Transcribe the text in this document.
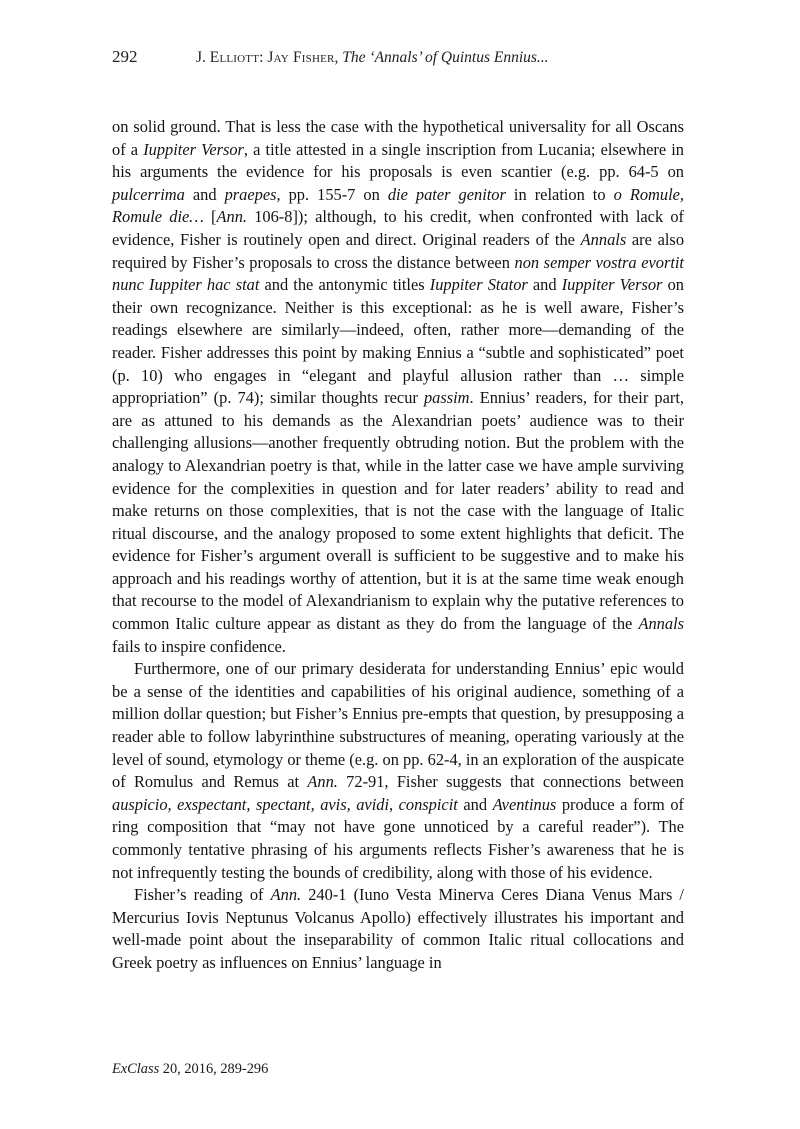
292	J. Elliott: Jay Fisher, The ‘Annals’ of Quintus Ennius...

on solid ground. That is less the case with the hypothetical universality for all Oscans of a Iuppiter Versor, a title attested in a single inscription from Lucania; elsewhere in his arguments the evidence for his proposals is even scantier (e.g. pp. 64-5 on pulcerrima and praepes, pp. 155-7 on die pater genitor in relation to o Romule, Romule die… [Ann. 106-8]); although, to his credit, when confronted with lack of evidence, Fisher is routinely open and direct. Original readers of the Annals are also required by Fisher’s proposals to cross the distance between non semper vostra evortit nunc Iuppiter hac stat and the antonymic titles Iuppiter Stator and Iuppiter Versor on their own recognizance. Neither is this exceptional: as he is well aware, Fisher’s readings elsewhere are similarly—indeed, often, rather more—demanding of the reader. Fisher addresses this point by making Ennius a “subtle and sophisticated” poet (p. 10) who engages in “elegant and playful allusion rather than … simple appropriation” (p. 74); similar thoughts recur passim. Ennius’ readers, for their part, are as attuned to his demands as the Alexandrian poets’ audience was to their challenging allusions—another frequently obtruding notion. But the problem with the analogy to Alexandrian poetry is that, while in the latter case we have ample surviving evidence for the complexities in question and for later readers’ ability to read and make returns on those complexities, that is not the case with the language of Italic ritual discourse, and the analogy proposed to some extent highlights that deficit. The evidence for Fisher’s argument overall is sufficient to be suggestive and to make his approach and his readings worthy of attention, but it is at the same time weak enough that recourse to the model of Alexandrianism to explain why the putative references to common Italic culture appear as distant as they do from the language of the Annals fails to inspire confidence.

Furthermore, one of our primary desiderata for understanding Ennius’ epic would be a sense of the identities and capabilities of his original audience, something of a million dollar question; but Fisher’s Ennius pre-empts that question, by presupposing a reader able to follow labyrinthine substructures of meaning, operating variously at the level of sound, etymology or theme (e.g. on pp. 62-4, in an exploration of the auspicate of Romulus and Remus at Ann. 72-91, Fisher suggests that connections between auspicio, exspectant, spectant, avis, avidi, conspicit and Aventinus produce a form of ring composition that “may not have gone unnoticed by a careful reader”). The commonly tentative phrasing of his arguments reflects Fisher’s awareness that he is not infrequently testing the bounds of credibility, along with those of his evidence.

Fisher’s reading of Ann. 240-1 (Iuno Vesta Minerva Ceres Diana Venus Mars / Mercurius Iovis Neptunus Volcanus Apollo) effectively illustrates his important and well-made point about the inseparability of common Italic ritual collocations and Greek poetry as influences on Ennius’ language in

ExClass 20, 2016, 289-296
